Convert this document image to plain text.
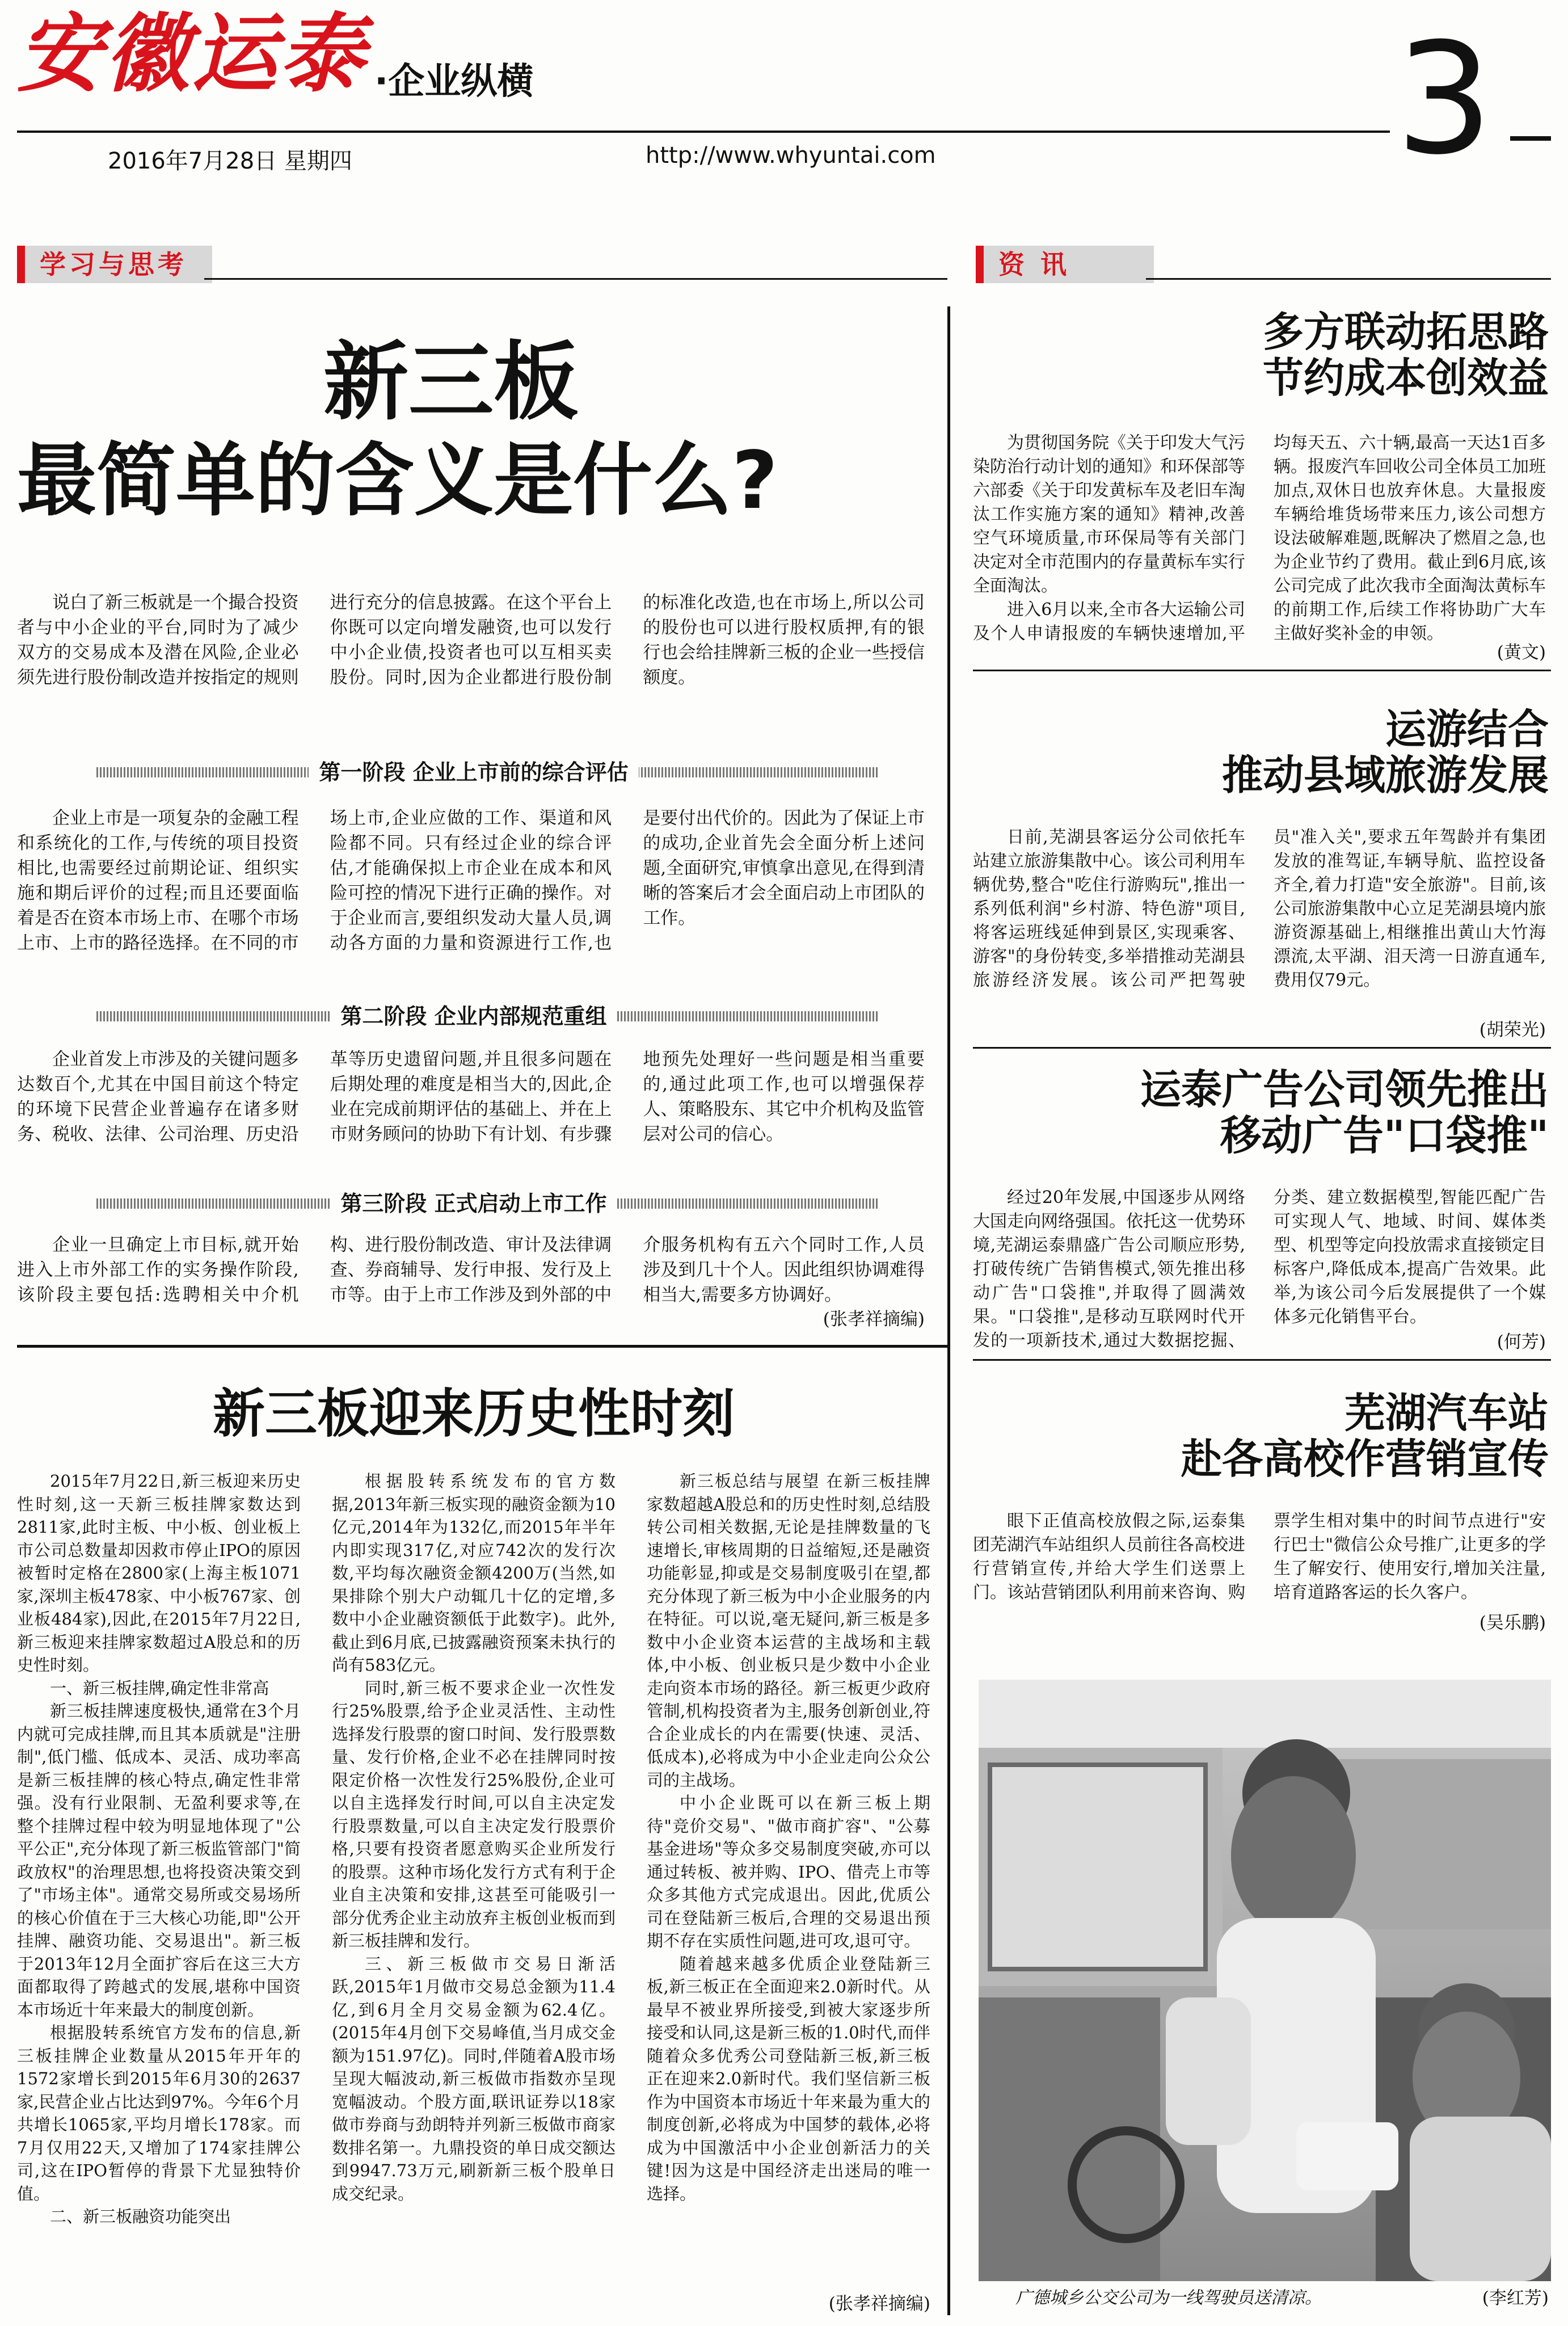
安徽运泰 ·企业纵横	3
2016年7月28日 星期四	http://www.whyuntai.com
学习与思考
新三板
最简单的含义是什么?

说白了新三板就是一个撮合投资者与中小企业的平台,同时为了减少双方的交易成本及潜在风险,企业必须先进行股份制改造并按指定的规则进行充分的信息披露。在这个平台上你既可以定向增发融资,也可以发行中小企业债,投资者也可以互相买卖股份。同时,因为企业都进行股份制的标准化改造,也在市场上,所以公司的股份也可以进行股权质押,有的银行也会给挂牌新三板的企业一些授信额度。

第一阶段 企业上市前的综合评估

企业上市是一项复杂的金融工程和系统化的工作,与传统的项目投资相比,也需要经过前期论证、组织实施和期后评价的过程;而且还要面临着是否在资本市场上市、在哪个市场上市、上市的路径选择。在不同的市场上市,企业应做的工作、渠道和风险都不同。只有经过企业的综合评估,才能确保拟上市企业在成本和风险可控的情况下进行正确的操作。对于企业而言,要组织发动大量人员,调动各方面的力量和资源进行工作,也是要付出代价的。因此为了保证上市的成功,企业首先会全面分析上述问题,全面研究,审慎拿出意见,在得到清晰的答案后才会全面启动上市团队的工作。

第二阶段 企业内部规范重组

企业首发上市涉及的关键问题多达数百个,尤其在中国目前这个特定的环境下民营企业普遍存在诸多财务、税收、法律、公司治理、历史沿革等历史遗留问题,并且很多问题在后期处理的难度是相当大的,因此,企业在完成前期评估的基础上、并在上市财务顾问的协助下有计划、有步骤地预先处理好一些问题是相当重要的,通过此项工作,也可以增强保荐人、策略股东、其它中介机构及监管层对公司的信心。

第三阶段 正式启动上市工作

企业一旦确定上市目标,就开始进入上市外部工作的实务操作阶段,该阶段主要包括:选聘相关中介机构、进行股份制改造、审计及法律调查、券商辅导、发行申报、发行及上市等。由于上市工作涉及到外部的中介服务机构有五六个同时工作,人员涉及到几十个人。因此组织协调难得相当大,需要多方协调好。

(张孝祥摘编)
新三板迎来历史性时刻

2015年7月22日,新三板迎来历史性时刻,这一天新三板挂牌家数达到2811家,此时主板、中小板、创业板上市公司总数量却因救市停止IPO的原因被暂时定格在2800家(上海主板1071家,深圳主板478家、中小板767家、创业板484家),因此,在2015年7月22日,新三板迎来挂牌家数超过A股总和的历史性时刻。

一、新三板挂牌,确定性非常高

新三板挂牌速度极快,通常在3个月内就可完成挂牌,而且其本质就是"注册制",低门槛、低成本、灵活、成功率高是新三板挂牌的核心特点,确定性非常强。没有行业限制、无盈利要求等,在整个挂牌过程中较为明显地体现了"公平公正",充分体现了新三板监管部门"简政放权"的治理思想,也将投资决策交到了"市场主体"。通常交易所或交易场所的核心价值在于三大核心功能,即"公开挂牌、融资功能、交易退出"。新三板于2013年12月全面扩容后在这三大方面都取得了跨越式的发展,堪称中国资本市场近十年来最大的制度创新。

根据股转系统官方发布的信息,新三板挂牌企业数量从2015年开年的1572家增长到2015年6月30的2637家,民营企业占比达到97%。今年6个月共增长1065家,平均月增长178家。而7月仅用22天,又增加了174家挂牌公司,这在IPO暂停的背景下尤显独特价值。

二、新三板融资功能突出

根据股转系统发布的官方数据,2013年新三板实现的融资金额为10亿元,2014年为132亿,而2015年半年内即实现317亿,对应742次的发行次数,平均每次融资金额4200万(当然,如果排除个别大户动辄几十亿的定增,多数中小企业融资额低于此数字)。此外,截止到6月底,已披露融资预案未执行的尚有583亿元。

同时,新三板不要求企业一次性发行25%股票,给予企业灵活性、主动性选择发行股票的窗口时间、发行股票数量、发行价格,企业不必在挂牌同时按限定价格一次性发行25%股份,企业可以自主选择发行时间,可以自主决定发行股票数量,可以自主决定发行股票价格,只要有投资者愿意购买企业所发行的股票。这种市场化发行方式有利于企业自主决策和安排,这甚至可能吸引一部分优秀企业主动放弃主板创业板而到新三板挂牌和发行。

三、新三板做市交易日渐活跃,2015年1月做市交易总金额为11.4亿,到6月全月交易金额为62.4亿。(2015年4月创下交易峰值,当月成交金额为151.97亿)。同时,伴随着A股市场呈现大幅波动,新三板做市指数亦呈现宽幅波动。个股方面,联讯证券以18家做市券商与劲朗特并列新三板做市商家数排名第一。九鼎投资的单日成交额达到9947.73万元,刷新新三板个股单日成交纪录。

新三板总结与展望 在新三板挂牌家数超越A股总和的历史性时刻,总结股转公司相关数据,无论是挂牌数量的飞速增长,审核周期的日益缩短,还是融资功能彰显,抑或是交易制度吸引在望,都充分体现了新三板为中小企业服务的内在特征。可以说,毫无疑问,新三板是多数中小企业资本运营的主战场和主载体,中小板、创业板只是少数中小企业走向资本市场的路径。新三板更少政府管制,机构投资者为主,服务创新创业,符合企业成长的内在需要(快速、灵活、低成本),必将成为中小企业走向公众公司的主战场。

中小企业既可以在新三板上期待"竞价交易"、"做市商扩容"、"公募基金进场"等众多交易制度突破,亦可以通过转板、被并购、IPO、借壳上市等众多其他方式完成退出。因此,优质公司在登陆新三板后,合理的交易退出预期不存在实质性问题,进可攻,退可守。

随着越来越多优质企业登陆新三板,新三板正在全面迎来2.0新时代。从最早不被业界所接受,到被大家逐步所接受和认同,这是新三板的1.0时代,而伴随着众多优秀公司登陆新三板,新三板正在迎来2.0新时代。我们坚信新三板作为中国资本市场近十年来最为重大的制度创新,必将成为中国梦的载体,必将成为中国激活中小企业创新活力的关键!因为这是中国经济走出迷局的唯一选择。

(张孝祥摘编)
资 讯
多方联动拓思路
节约成本创效益

为贯彻国务院《关于印发大气污染防治行动计划的通知》和环保部等六部委《关于印发黄标车及老旧车淘汰工作实施方案的通知》精神,改善空气环境质量,市环保局等有关部门决定对全市范围内的存量黄标车实行全面淘汰。

进入6月以来,全市各大运输公司及个人申请报废的车辆快速增加,平均每天五、六十辆,最高一天达1百多辆。报废汽车回收公司全体员工加班加点,双休日也放弃休息。大量报废车辆给堆货场带来压力,该公司想方设法破解难题,既解决了燃眉之急,也为企业节约了费用。截止到6月底,该公司完成了此次我市全面淘汰黄标车的前期工作,后续工作将协助广大车主做好奖补金的申领。

(黄文)
运游结合
推动县域旅游发展

日前,芜湖县客运分公司依托车站建立旅游集散中心。该公司利用车辆优势,整合"吃住行游购玩",推出一系列低利润"乡村游、特色游"项目,将客运班线延伸到景区,实现乘客、游客"的身份转变,多举措推动芜湖县旅游经济发展。该公司严把驾驶员"准入关",要求五年驾龄并有集团发放的准驾证,车辆导航、监控设备齐全,着力打造"安全旅游"。目前,该公司旅游集散中心立足芜湖县境内旅游资源基础上,相继推出黄山大竹海漂流,太平湖、泪天湾一日游直通车,费用仅79元。

(胡荣光)
运泰广告公司领先推出
移动广告"口袋推"

经过20年发展,中国逐步从网络大国走向网络强国。依托这一优势环境,芜湖运泰鼎盛广告公司顺应形势,打破传统广告销售模式,领先推出移动广告"口袋推",并取得了圆满效果。"口袋推",是移动互联网时代开发的一项新技术,通过大数据挖掘、分类、建立数据模型,智能匹配广告可实现人气、地域、时间、媒体类型、机型等定向投放需求直接锁定目标客户,降低成本,提高广告效果。此举,为该公司今后发展提供了一个媒体多元化销售平台。

(何芳)
芜湖汽车站
赴各高校作营销宣传

眼下正值高校放假之际,运泰集团芜湖汽车站组织人员前往各高校进行营销宣传,并给大学生们送票上门。该站营销团队利用前来咨询、购票学生相对集中的时间节点进行"安行巴士"微信公众号推广,让更多的学生了解安行、使用安行,增加关注量,培育道路客运的长久客户。

(吴乐鹏)
广德城乡公交公司为一线驾驶员送清凉。	(李红芳)
